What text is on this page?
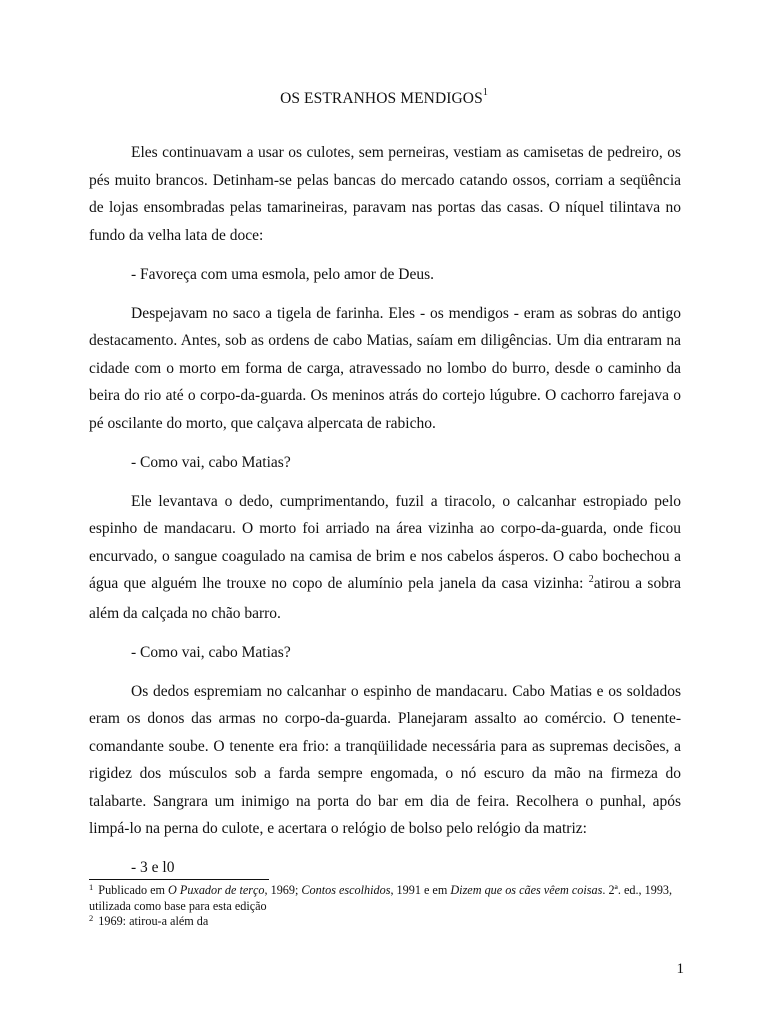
OS ESTRANHOS MENDIGOS$^1$

Eles continuavam a usar os culotes, sem perneiras, vestiam as camisetas de pedreiro, os pés muito brancos. Detinham-se pelas bancas do mercado catando ossos, corriam a seqüência de lojas ensombradas pelas tamarineiras, paravam nas portas das casas. O níquel tilintava no fundo da velha lata de doce:

- Favoreça com uma esmola, pelo amor de Deus.

Despejavam no saco a tigela de farinha. Eles - os mendigos - eram as sobras do antigo destacamento. Antes, sob as ordens de cabo Matias, saíam em diligências. Um dia entraram na cidade com o morto em forma de carga, atravessado no lombo do burro, desde o caminho da beira do rio até o corpo-da-guarda. Os meninos atrás do cortejo lúgubre. O cachorro farejava o pé oscilante do morto, que calçava alpercata de rabicho.

- Como vai, cabo Matias?

Ele levantava o dedo, cumprimentando, fuzil a tiracolo, o calcanhar estropiado pelo espinho de mandacaru. O morto foi arriado na área vizinha ao corpo-da-guarda, onde ficou encurvado, o sangue coagulado na camisa de brim e nos cabelos ásperos. O cabo bochechou a água que alguém lhe trouxe no copo de alumínio pela janela da casa vizinha: $^2$atirou a sobra além da calçada no chão barro.

- Como vai, cabo Matias?

Os dedos espremiam no calcanhar o espinho de mandacaru. Cabo Matias e os soldados eram os donos das armas no corpo-da-guarda. Planejaram assalto ao comércio. O tenente-comandante soube. O tenente era frio: a tranqüilidade necessária para as supremas decisões, a rigidez dos músculos sob a farda sempre engomada, o nó escuro da mão na firmeza do talabarte. Sangrara um inimigo na porta do bar em dia de feira. Recolhera o punhal, após limpá-lo na perna do culote, e acertara o relógio de bolso pelo relógio da matriz:

- 3 e l0

$^1$ Publicado em O Puxador de terço, 1969; Contos escolhidos, 1991 e em Dizem que os cães vêem coisas. 2ª. ed., 1993, utilizada como base para esta edição

$^2$ 1969: atirou-a além da

1
